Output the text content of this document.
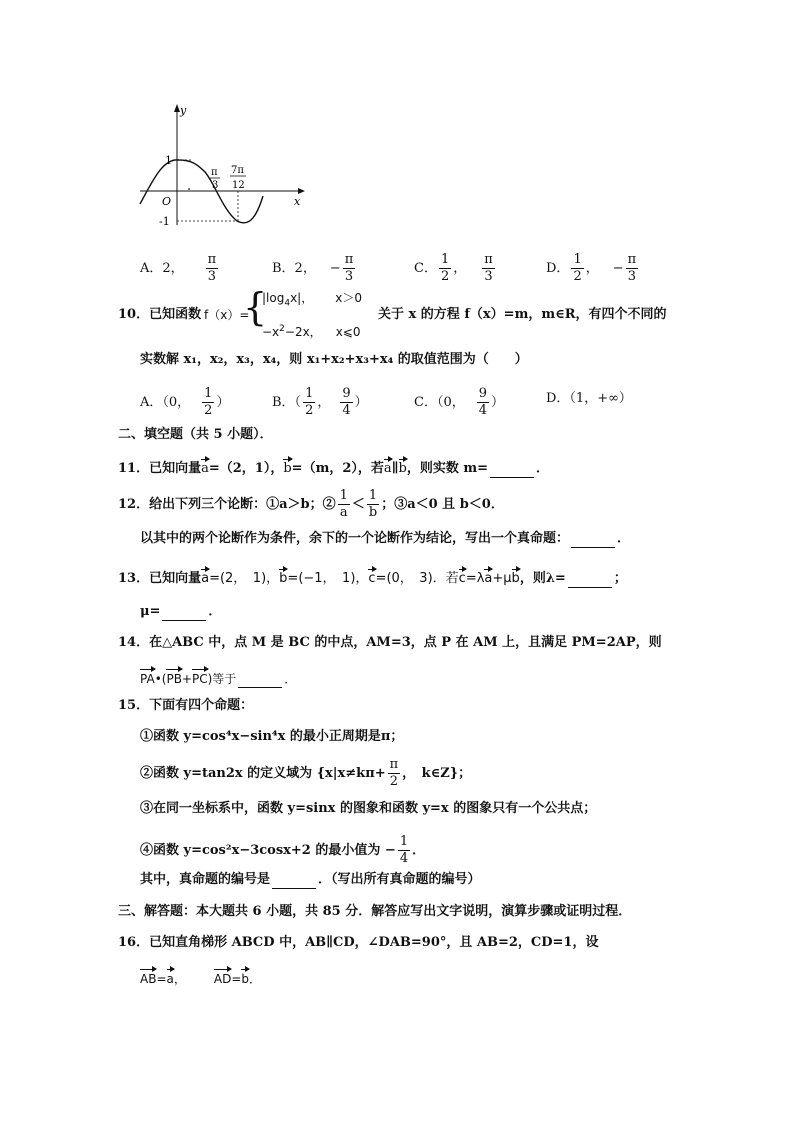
y
x
O
1
-1
π
3
7π
12
A．2， $\frac{\pi}{3}$	B．2， − $\frac{\pi}{3}$	C． $\frac{1}{2}$ ， $\frac{\pi}{3}$	D． $\frac{1}{2}$ ， − $\frac{\pi}{3}$
10．已知函数 f（x）=
{
$|\log_4x|$， x＞0
$-x^2-2x$， x⩽0
关于 x 的方程 f（x）=m，m∈R，有四个不同的
实数解 x₁，x₂，x₃，x₄，则 x₁+x₂+x₃+x₄ 的取值范围为（　　）
A．（0， $\frac{1}{2}$ ）	B．（ $\frac{1}{2}$ ， $\frac{9}{4}$ ）	C．（0， $\frac{9}{4}$ ）	D．（1，+∞）
二、填空题（共 5 小题）．
11．已知向量a=（2，1），b=（m，2），若a∥b，则实数 m=	．
12．给出下列三个论断：①a＞b；② $\frac{1}{a} < \frac{1}{b}$ ；③a＜0 且 b＜0．
以其中的两个论断作为条件，余下的一个论断作为结论，写出一个真命题：	．
13．已知向量a=(2，　1)，b=(−1，　1)，c=(0，　3)．若c=λa+μb，则λ=	；
μ=	．
14．在△ABC 中，点 M 是 BC 的中点，AM=3，点 P 在 AM 上，且满足 PM=2AP，则
PA•(PB+PC)等于	．
15．下面有四个命题：
①函数 y=cos⁴x−sin⁴x 的最小正周期是π；
②函数 y=tan2x 的定义域为 {$x|x\ne k\pi+ \frac{\pi}{2}$ ，　k∈Z}；
③在同一坐标系中，函数 y=sinx 的图象和函数 y=x 的图象只有一个公共点；
④函数 y=cos²x−3cosx+2 的最小值为 − $\frac{1}{4}$ ．
其中，真命题的编号是	．（写出所有真命题的编号）
三、解答题：本大题共 6 小题，共 85 分．解答应写出文字说明，演算步骤或证明过程．
16．已知直角梯形 ABCD 中，AB∥CD，∠DAB=90°，且 AB=2，CD=1，设
AB=a， AD=b．
